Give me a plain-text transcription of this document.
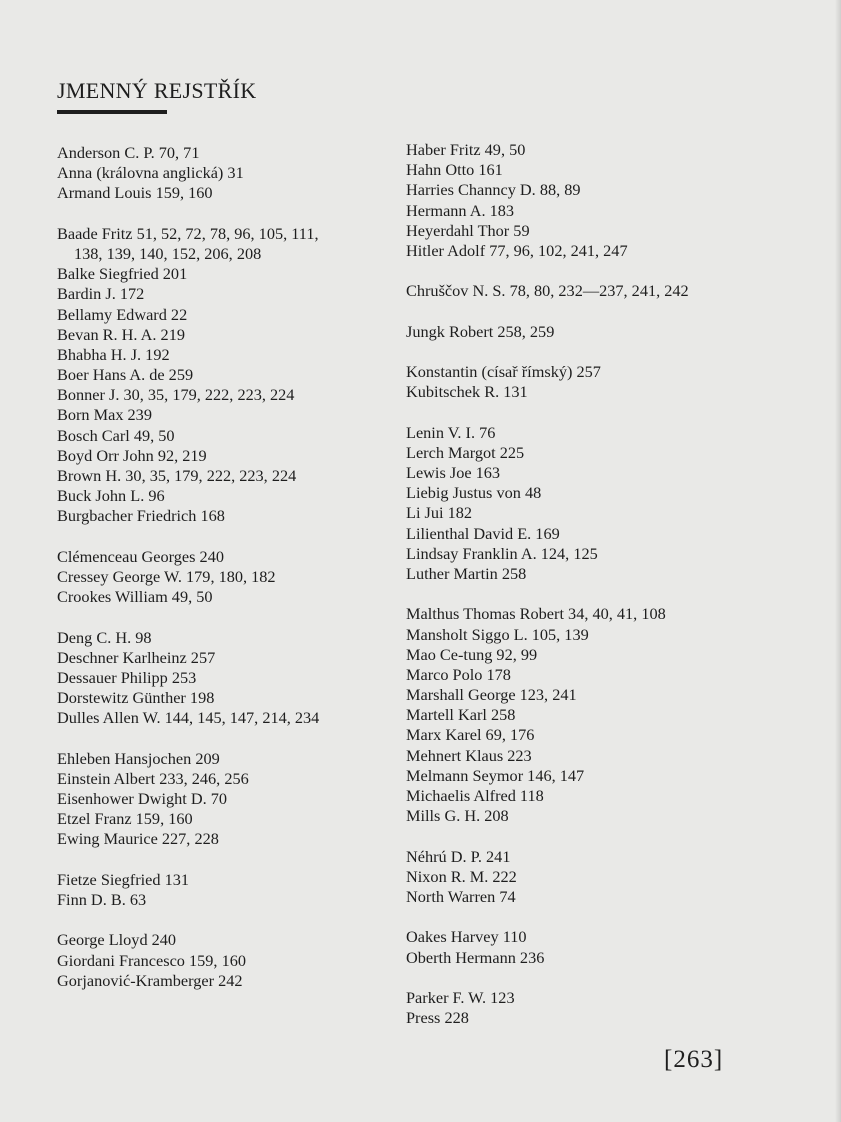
JMENNÝ REJSTŘÍK
Anderson C. P. 70, 71
Anna (královna anglická) 31
Armand Louis 159, 160
Baade Fritz 51, 52, 72, 78, 96, 105, 111,
138, 139, 140, 152, 206, 208
Balke Siegfried 201
Bardin J. 172
Bellamy Edward 22
Bevan R. H. A. 219
Bhabha H. J. 192
Boer Hans A. de 259
Bonner J. 30, 35, 179, 222, 223, 224
Born Max 239
Bosch Carl 49, 50
Boyd Orr John 92, 219
Brown H. 30, 35, 179, 222, 223, 224
Buck John L. 96
Burgbacher Friedrich 168
Clémenceau Georges 240
Cressey George W. 179, 180, 182
Crookes William 49, 50
Deng C. H. 98
Deschner Karlheinz 257
Dessauer Philipp 253
Dorstewitz Günther 198
Dulles Allen W. 144, 145, 147, 214, 234
Ehleben Hansjochen 209
Einstein Albert 233, 246, 256
Eisenhower Dwight D. 70
Etzel Franz 159, 160
Ewing Maurice 227, 228
Fietze Siegfried 131
Finn D. B. 63
George Lloyd 240
Giordani Francesco 159, 160
Gorjanović-Kramberger 242
Haber Fritz 49, 50
Hahn Otto 161
Harries Channcy D. 88, 89
Hermann A. 183
Heyerdahl Thor 59
Hitler Adolf 77, 96, 102, 241, 247
Chruščov N. S. 78, 80, 232—237, 241, 242
Jungk Robert 258, 259
Konstantin (císař římský) 257
Kubitschek R. 131
Lenin V. I. 76
Lerch Margot 225
Lewis Joe 163
Liebig Justus von 48
Li Jui 182
Lilienthal David E. 169
Lindsay Franklin A. 124, 125
Luther Martin 258
Malthus Thomas Robert 34, 40, 41, 108
Mansholt Siggo L. 105, 139
Mao Ce-tung 92, 99
Marco Polo 178
Marshall George 123, 241
Martell Karl 258
Marx Karel 69, 176
Mehnert Klaus 223
Melmann Seymor 146, 147
Michaelis Alfred 118
Mills G. H. 208
Néhrú D. P. 241
Nixon R. M. 222
North Warren 74
Oakes Harvey 110
Oberth Hermann 236
Parker F. W. 123
Press 228
[263]
